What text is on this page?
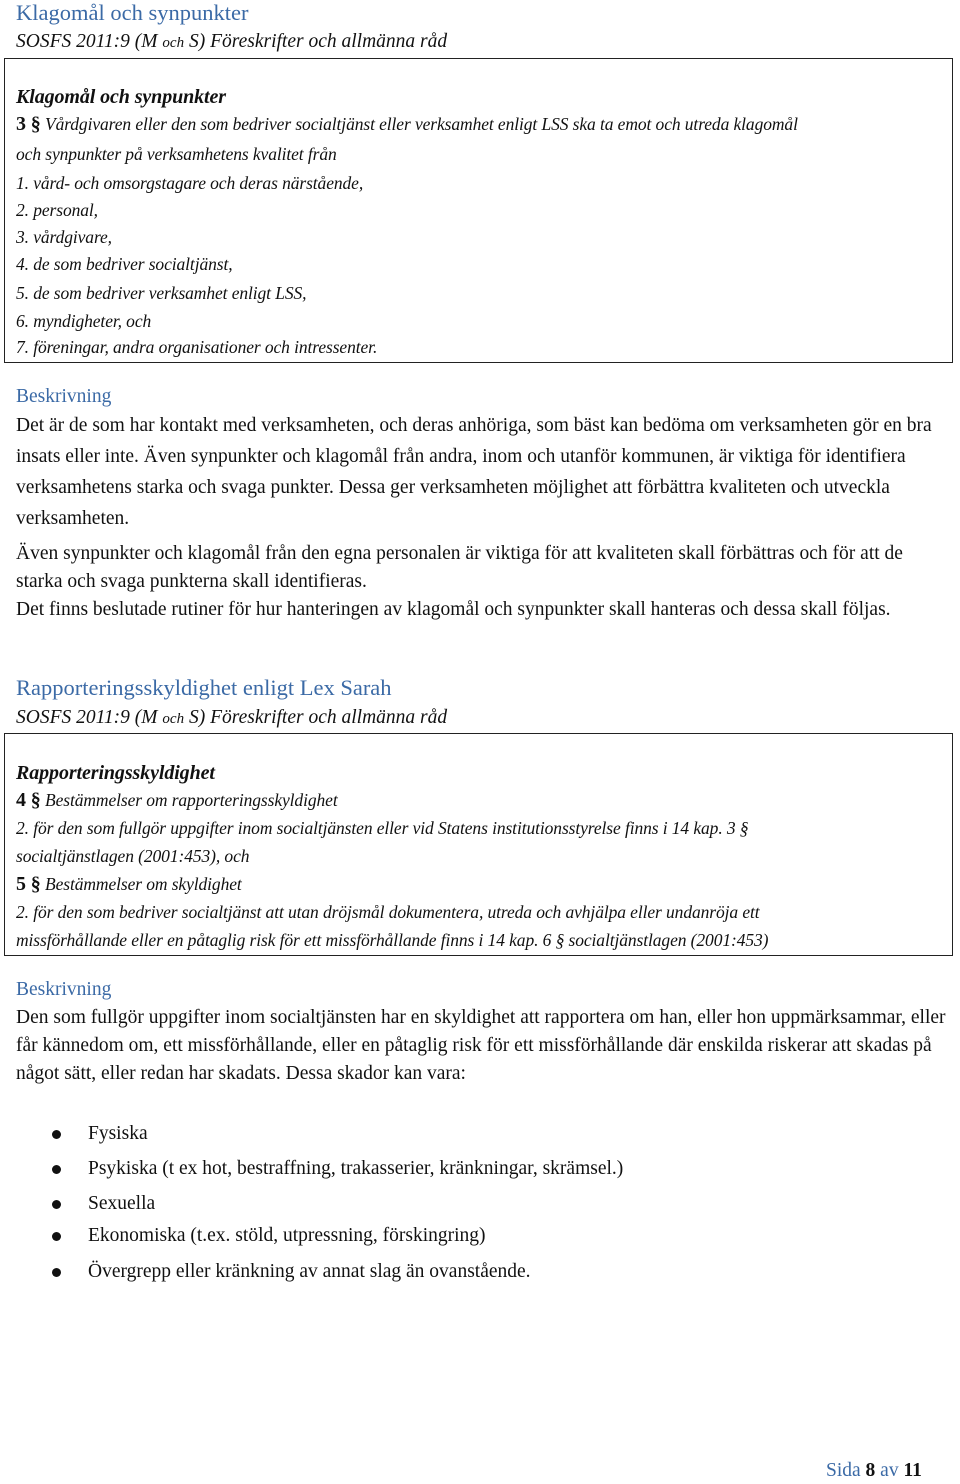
Klagomål och synpunkter
SOSFS 2011:9 (M och S) Föreskrifter och allmänna råd
Klagomål och synpunkter
3 § Vårdgivaren eller den som bedriver socialtjänst eller verksamhet enligt LSS ska ta emot och utreda klagomål
och synpunkter på verksamhetens kvalitet från
1. vård- och omsorgstagare och deras närstående,
2. personal,
3. vårdgivare,
4. de som bedriver socialtjänst,
5. de som bedriver verksamhet enligt LSS,
6. myndigheter, och
7. föreningar, andra organisationer och intressenter.
Beskrivning
Det är de som har kontakt med verksamheten, och deras anhöriga, som bäst kan bedöma om verksamheten gör en bra insats eller inte. Även synpunkter och klagomål från andra, inom och utanför kommunen, är viktiga för identifiera verksamhetens starka och svaga punkter. Dessa ger verksamheten möjlighet att förbättra kvaliteten och utveckla verksamheten.
Även synpunkter och klagomål från den egna personalen är viktiga för att kvaliteten skall förbättras och för att de starka och svaga punkterna skall identifieras.
Det finns beslutade rutiner för hur hanteringen av klagomål och synpunkter skall hanteras och dessa skall följas.
Rapporteringsskyldighet enligt Lex Sarah
SOSFS 2011:9 (M och S) Föreskrifter och allmänna råd
Rapporteringsskyldighet
4 § Bestämmelser om rapporteringsskyldighet
2. för den som fullgör uppgifter inom socialtjänsten eller vid Statens institutionsstyrelse finns i 14 kap. 3 §
socialtjänstlagen (2001:453), och
5 § Bestämmelser om skyldighet
2. för den som bedriver socialtjänst att utan dröjsmål dokumentera, utreda och avhjälpa eller undanröja ett
missförhållande eller en påtaglig risk för ett missförhållande finns i 14 kap. 6 § socialtjänstlagen (2001:453)
Beskrivning
Den som fullgör uppgifter inom socialtjänsten har en skyldighet att rapportera om han, eller hon uppmärksammar, eller får kännedom om, ett missförhållande, eller en påtaglig risk för ett missförhållande där enskilda riskerar att skadas på något sätt, eller redan har skadats. Dessa skador kan vara:
Fysiska
Psykiska (t ex hot, bestraffning, trakasserier, kränkningar, skrämsel.)
Sexuella
Ekonomiska (t.ex. stöld, utpressning, förskingring)
Övergrepp eller kränkning av annat slag än ovanstående.
Sida 8 av 11
